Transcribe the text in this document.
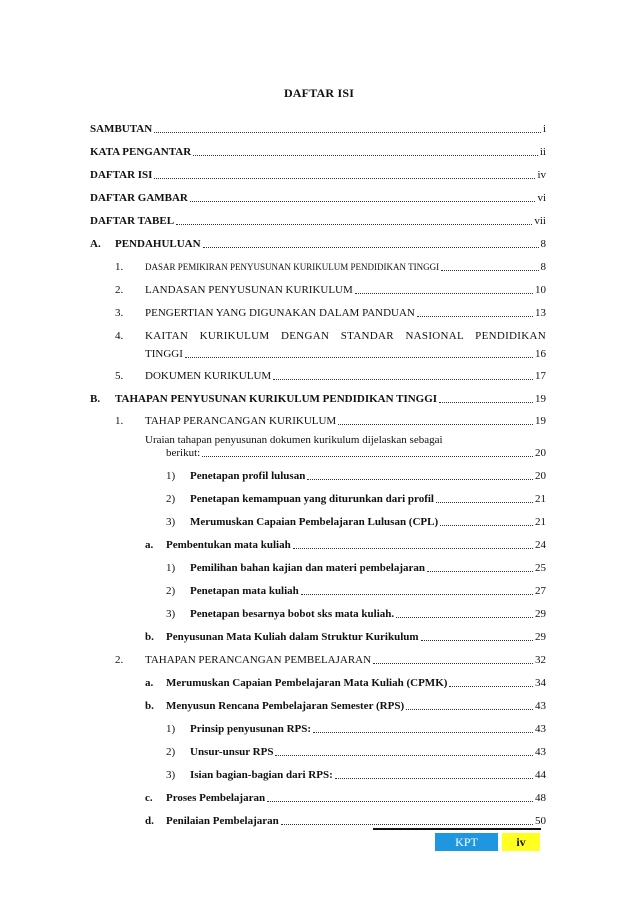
DAFTAR ISI
SAMBUTAN	i
KATA PENGANTAR	ii
DAFTAR ISI	iv
DAFTAR GAMBAR	vi
DAFTAR TABEL	vii
A. PENDAHULUAN	8
1. DASAR PEMIKIRAN PENYUSUNAN KURIKULUM PENDIDIKAN TINGGI	8
2. LANDASAN PENYUSUNAN KURIKULUM	10
3. PENGERTIAN YANG DIGUNAKAN DALAM PANDUAN	13
4. KAITAN KURIKULUM DENGAN STANDAR NASIONAL PENDIDIKAN
TINGGI	16
5. DOKUMEN KURIKULUM	17
B. TAHAPAN PENYUSUNAN KURIKULUM PENDIDIKAN TINGGI	19
1. TAHAP PERANCANGAN KURIKULUM	19
Uraian tahapan penyusunan dokumen kurikulum dijelaskan sebagai
berikut:	20
1) Penetapan profil lulusan	20
2) Penetapan kemampuan yang diturunkan dari profil	21
3) Merumuskan Capaian Pembelajaran Lulusan (CPL)	21
a. Pembentukan mata kuliah	24
1) Pemilihan bahan kajian dan materi pembelajaran	25
2) Penetapan mata kuliah	27
3) Penetapan besarnya bobot sks mata kuliah.	29
b. Penyusunan Mata Kuliah dalam Struktur Kurikulum	29
2. TAHAPAN PERANCANGAN PEMBELAJARAN	32
a. Merumuskan Capaian Pembelajaran Mata Kuliah (CPMK)	34
b. Menyusun Rencana Pembelajaran Semester (RPS)	43
1) Prinsip penyusunan RPS:	43
2) Unsur-unsur RPS	43
3) Isian bagian-bagian dari RPS:	44
c. Proses Pembelajaran	48
d. Penilaian Pembelajaran	50
KPT	iv
